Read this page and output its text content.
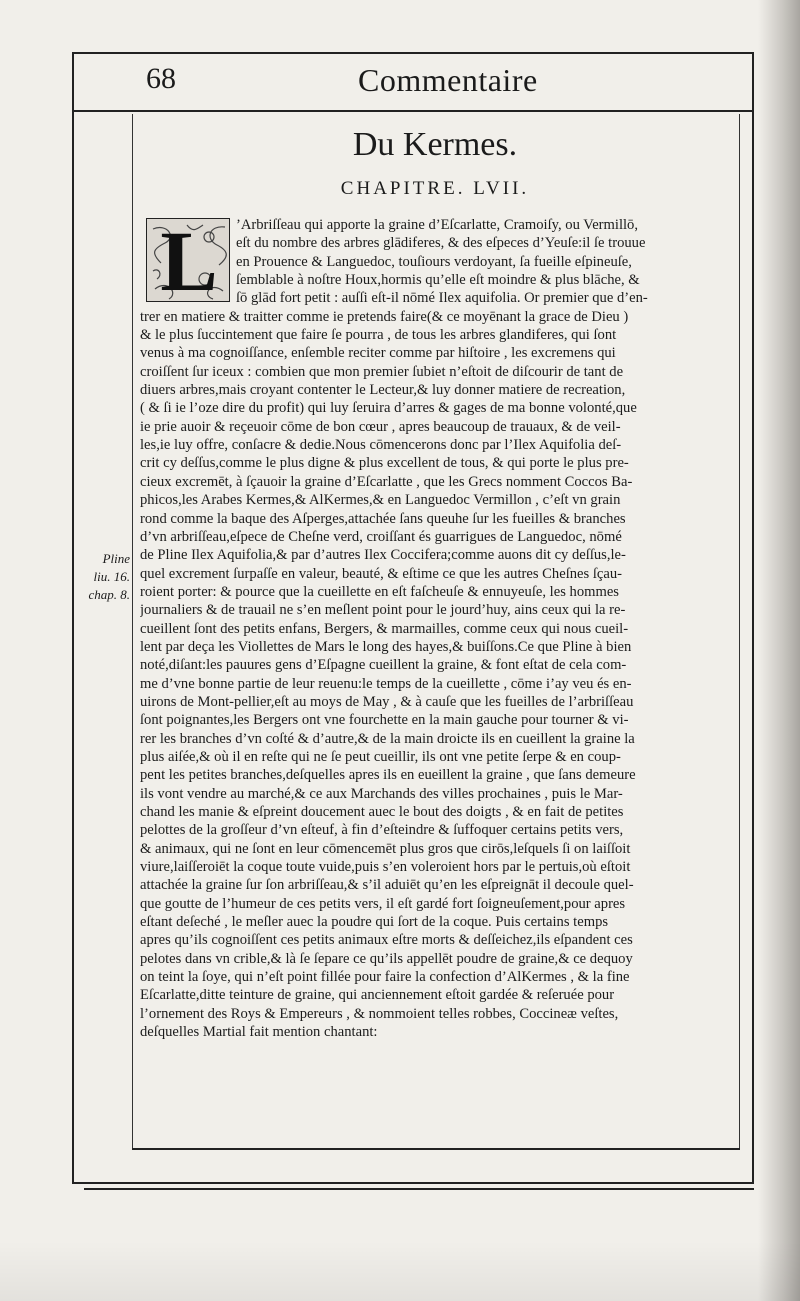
68	Commentaire
Du Kermes.
CHAPITRE. LVII.
L
Pline
liu. 16.
chap. 8.
’Arbriſſeau qui apporte la graine d’Eſcarlatte, Cramoiſy, ou Vermillō,
eſt du nombre des arbres glādiferes, & des eſpeces d’Yeuſe:il ſe trouue
en Prouence & Languedoc, touſiours verdoyant, ſa fueille eſpineuſe,
ſemblable à noſtre Houx,hormis qu’elle eſt moindre & plus blāche, &
ſō glād fort petit : auſſi eſt-il nōmé Ilex aquifolia. Or premier que d’en-
trer en matiere & traitter comme ie pretends faire(& ce moyēnant la grace de Dieu )
& le plus ſuccintement que faire ſe pourra , de tous les arbres glandiferes, qui ſont
venus à ma cognoiſſance, enſemble reciter comme par hiſtoire , les excremens qui
croiſſent ſur iceux : combien que mon premier ſubiet n’eſtoit de diſcourir de tant de
diuers arbres,mais croyant contenter le Lecteur,& luy donner matiere de recreation,
( & ſi ie l’oze dire du profit) qui luy ſeruira d’arres & gages de ma bonne volonté,que
ie prie auoir & reçeuoir cōme de bon cœur , apres beaucoup de trauaux, & de veil-
les,ie luy offre, conſacre & dedie.Nous cōmencerons donc par l’Ilex Aquifolia deſ-
crit cy deſſus,comme le plus digne & plus excellent de tous, & qui porte le plus pre-
cieux excremēt, à ſçauoir la graine d’Eſcarlatte , que les Grecs nomment Coccos Ba-
phicos,les Arabes Kermes,& AlKermes,& en Languedoc Vermillon , c’eſt vn grain
rond comme la baque des Aſperges,attachée ſans queuhe ſur les fueilles & branches
d’vn arbriſſeau,eſpece de Cheſne verd, croiſſant és guarrigues de Languedoc, nōmé
de Pline Ilex Aquifolia,& par d’autres Ilex Coccifera;comme auons dit cy deſſus,le-
quel excrement ſurpaſſe en valeur, beauté, & eſtime ce que les autres Cheſnes ſçau-
roient porter: & pource que la cueillette en eſt faſcheuſe & ennuyeuſe, les hommes
journaliers & de trauail ne s’en meſlent point pour le jourd’huy, ains ceux qui la re-
cueillent ſont des petits enfans, Bergers, & marmailles, comme ceux qui nous cueil-
lent par deça les Viollettes de Mars le long des hayes,& buiſſons.Ce que Pline à bien
noté,diſant:les pauures gens d’Eſpagne cueillent la graine, & font eſtat de cela com-
me d’vne bonne partie de leur reuenu:le temps de la cueillette , cōme i’ay veu és en-
uirons de Mont-pellier,eſt au moys de May , & à cauſe que les fueilles de l’arbriſſeau
ſont poignantes,les Bergers ont vne fourchette en la main gauche pour tourner & vi-
rer les branches d’vn coſté & d’autre,& de la main droicte ils en cueillent la graine la
plus aiſée,& où il en reſte qui ne ſe peut cueillir, ils ont vne petite ſerpe & en coup-
pent les petites branches,deſquelles apres ils en eueillent la graine , que ſans demeure
ils vont vendre au marché,& ce aux Marchands des villes prochaines , puis le Mar-
chand les manie & eſpreint doucement auec le bout des doigts , & en fait de petites
pelottes de la groſſeur d’vn eſteuf, à fin d’eſteindre & ſuffoquer certains petits vers,
& animaux, qui ne ſont en leur cōmencemēt plus gros que cirōs,leſquels ſi on laiſſoit
viure,laiſſeroiēt la coque toute vuide,puis s’en voleroient hors par le pertuis,où eſtoit
attachée la graine ſur ſon arbriſſeau,& s’il aduiēt qu’en les eſpreignāt il decoule quel-
que goutte de l’humeur de ces petits vers, il eſt gardé fort ſoigneuſement,pour apres
eſtant deſeché , le meſler auec la poudre qui ſort de la coque. Puis certains temps
apres qu’ils cognoiſſent ces petits animaux eſtre morts & deſſeichez,ils eſpandent ces
pelotes dans vn crible,& là ſe ſepare ce qu’ils appellēt poudre de graine,& ce dequoy
on teint la ſoye, qui n’eſt point fillée pour faire la confection d’AlKermes , & la fine
Eſcarlatte,ditte teinture de graine, qui anciennement eſtoit gardée & reſeruée pour
l’ornement des Roys & Empereurs , & nommoient telles robbes, Coccineæ veſtes,
deſquelles Martial fait mention chantant:
